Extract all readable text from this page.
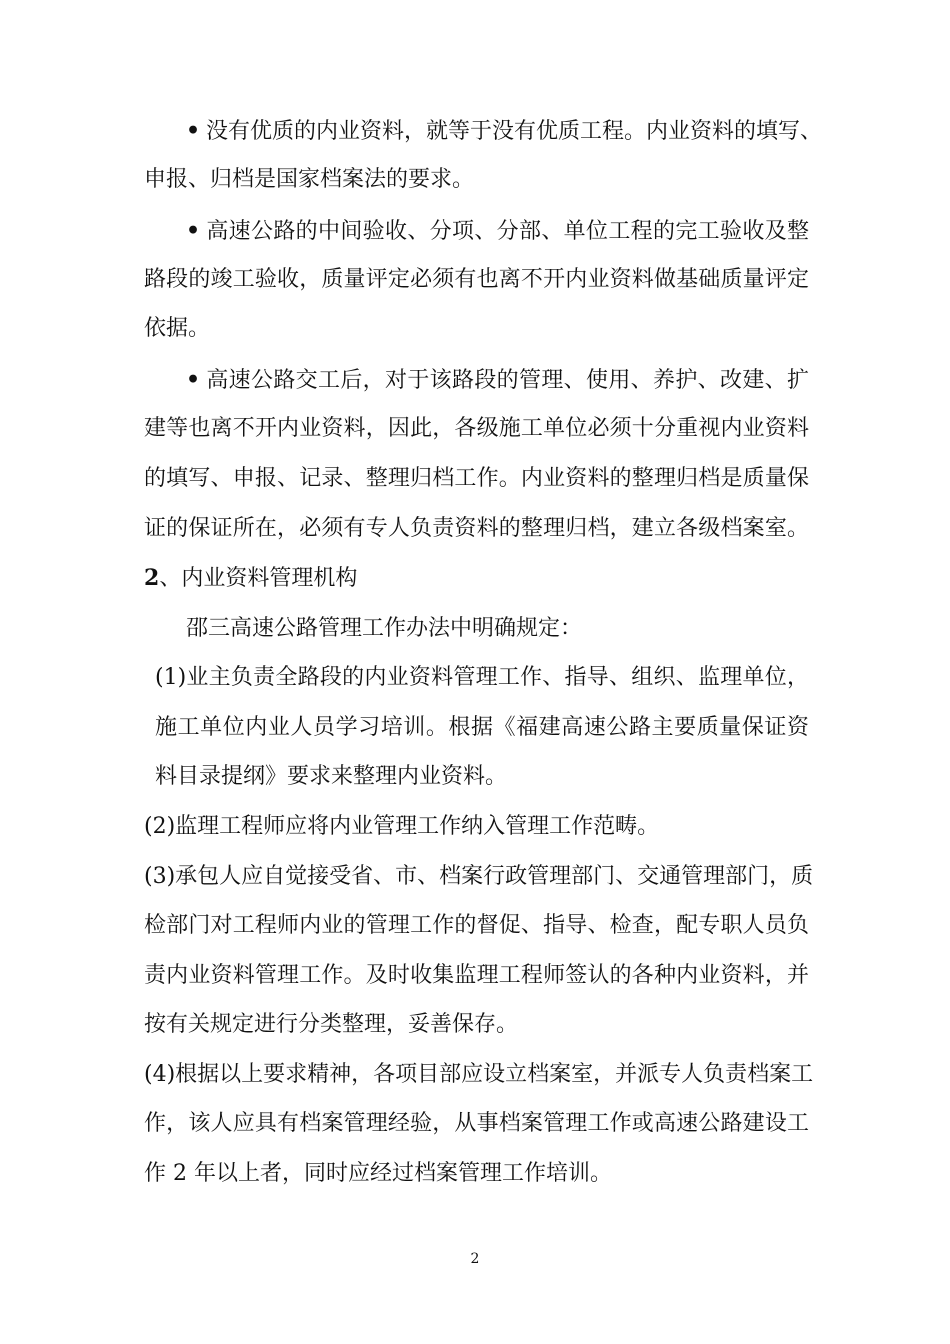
• 没有优质的内业资料，就等于没有优质工程。内业资料的填写、
申报、归档是国家档案法的要求。
• 高速公路的中间验收、分项、分部、单位工程的完工验收及整
路段的竣工验收，质量评定必须有也离不开内业资料做基础质量评定
依据。
• 高速公路交工后，对于该路段的管理、使用、养护、改建、扩
建等也离不开内业资料，因此，各级施工单位必须十分重视内业资料
的填写、申报、记录、整理归档工作。内业资料的整理归档是质量保
证的保证所在，必须有专人负责资料的整理归档，建立各级档案室。
2、内业资料管理机构
邵三高速公路管理工作办法中明确规定：
(1)业主负责全路段的内业资料管理工作、指导、组织、监理单位，
施工单位内业人员学习培训。根据《福建高速公路主要质量保证资
料目录提纲》要求来整理内业资料。
(2)监理工程师应将内业管理工作纳入管理工作范畴。
(3)承包人应自觉接受省、市、档案行政管理部门、交通管理部门，质
检部门对工程师内业的管理工作的督促、指导、检查，配专职人员负
责内业资料管理工作。及时收集监理工程师签认的各种内业资料，并
按有关规定进行分类整理，妥善保存。
(4)根据以上要求精神，各项目部应设立档案室，并派专人负责档案工
作，该人应具有档案管理经验，从事档案管理工作或高速公路建设工
作 2 年以上者，同时应经过档案管理工作培训。
2
